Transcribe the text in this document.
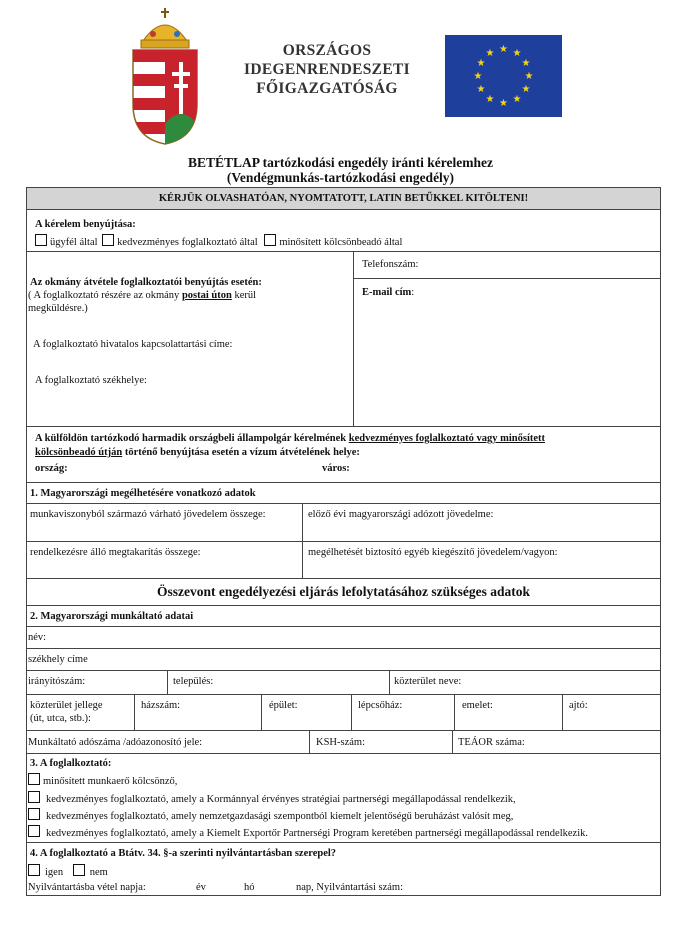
ORSZÁGOS
IDEGENRENDESZETI
FŐIGAZGATÓSÁG
★ ★
★
★
★
★
★
★
★
★
★
★
BETÉTLAP tartózkodási engedély iránti kérelemhez
(Vendégmunkás-tartózkodási engedély)
KÉRJÜK OLVASHATÓAN, NYOMTATOTT, LATIN BETŰKKEL KITÖLTENI!
A kérelem benyújtása:
ügyfél által kedvezményes foglalkoztató által minősített kölcsönbeadó által
Az okmány átvétele foglalkoztatói benyújtás esetén:
( A foglalkoztató részére az okmány postai úton kerül
megküldésre.)
A foglalkoztató hivatalos kapcsolattartási címe:
A foglalkoztató székhelye:
Telefonszám:
E-mail cím:
A külföldön tartózkodó harmadik országbeli állampolgár kérelmének kedvezményes foglalkoztató vagy minősített
kölcsönbeadó útján történő benyújtása esetén a vízum átvételének helye:
ország:	város:
1. Magyarországi megélhetésére vonatkozó adatok
munkaviszonyból származó várható jövedelem összege:	előző évi magyarországi adózott jövedelme:
rendelkezésre álló megtakarítás összege:	megélhetését biztosító egyéb kiegészítő jövedelem/vagyon:
Összevont engedélyezési eljárás lefolytatásához szükséges adatok
2. Magyarországi munkáltató adatai
név:
székhely címe
irányítószám:	település:	közterület neve:
közterület jellege
(út, utca, stb.):
házszám:	épület:	lépcsőház:	emelet:	ajtó:
Munkáltató adószáma /adóazonosító jele:	KSH-szám:	TEÁOR száma:
3. A foglalkoztató:
minősített munkaerő kölcsönző,
kedvezményes foglalkoztató, amely a Kormánnyal érvényes stratégiai partnerségi megállapodással rendelkezik,
kedvezményes foglalkoztató, amely nemzetgazdasági szempontból kiemelt jelentőségű beruházást valósít meg,
kedvezményes foglalkoztató, amely a Kiemelt Exportőr Partnerségi Program keretében partnerségi megállapodással rendelkezik.
4. A foglalkoztató a Btátv. 34. §-a szerinti nyilvántartásban szerepel?
igen	nem
Nyilvántartásba vétel napja:	év	hó	nap, Nyilvántartási szám:
